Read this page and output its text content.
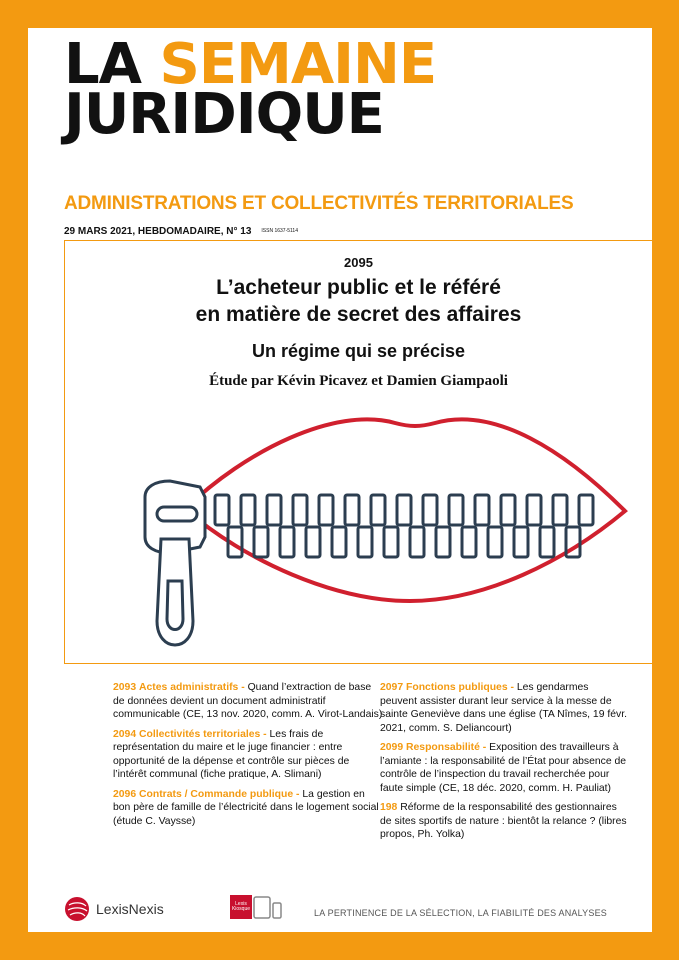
LA SEMAINE
JURIDIQUE
ADMINISTRATIONS ET COLLECTIVITÉS TERRITORIALES
29 MARS 2021, HEBDOMADAIRE, N° 13 ISSN 1637-5114
2095
L’acheteur public et le référé
en matière de secret des affaires
Un régime qui se précise
Étude par Kévin Picavez et Damien Giampaoli
2093 Actes administratifs - Quand l’extraction de base de données devient un document administratif communicable (CE, 13 nov. 2020, comm. A. Virot-Landais)
2094 Collectivités territoriales - Les frais de représentation du maire et le juge financier : entre opportunité de la dépense et contrôle sur pièces de l’intérêt communal (fiche pratique, A. Slimani)
2096 Contrats / Commande publique - La gestion en bon père de famille de l’électricité dans le logement social (étude C. Vaysse)
2097 Fonctions publiques - Les gendarmes peuvent assister durant leur service à la messe de sainte Geneviève dans une église (TA Nîmes, 19 févr. 2021, comm. S. Deliancourt)
2099 Responsabilité - Exposition des travailleurs à l’amiante : la responsabilité de l’État pour absence de contrôle de l’inspection du travail recherchée pour faute simple (CE, 18 déc. 2020, comm. H. Pauliat)
198 Réforme de la responsabilité des gestionnaires de sites sportifs de nature : bientôt la relance ? (libres propos, Ph. Yolka)
LexisNexis	Lexis
Kiosque	LA PERTINENCE DE LA SÉLECTION, LA FIABILITÉ DES ANALYSES
